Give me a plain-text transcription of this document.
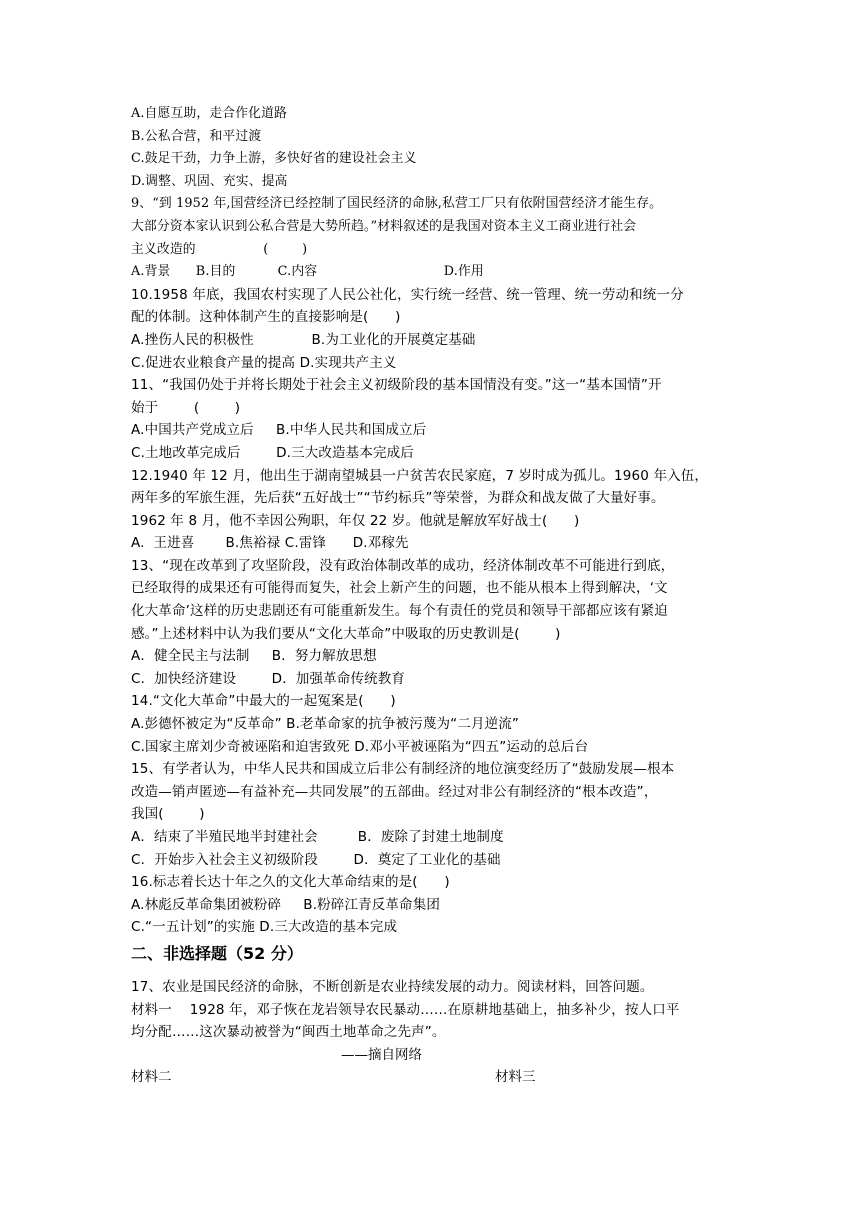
A.自愿互助，走合作化道路
B.公私合营，和平过渡
C.鼓足干劲，力争上游，多快好省的建设社会主义
D.调整、巩固、充实、提高
9、“到 1952 年,国营经济已经控制了国民经济的命脉,私营工厂只有依附国营经济才能生存。
大部分资本家认识到公私合营是大势所趋。”材料叙述的是我国对资本主义工商业进行社会
主义改造的                (        )
A.背景      B.目的          C.内容                              D.作用
10.1958 年底，我国农村实现了人民公社化，实行统一经营、统一管理、统一劳动和统一分
配的体制。这种体制产生的直接影响是(      )
A.挫伤人民的积极性             B.为工业化的开展奠定基础
C.促进农业粮食产量的提高 D.实现共产主义
11、“我国仍处于并将长期处于社会主义初级阶段的基本国情没有变。”这一“基本国情”开
始于        (        )
A.中国共产党成立后     B.中华人民共和国成立后
C.土地改革完成后        D.三大改造基本完成后
12.1940 年 12 月，他出生于湖南望城县一户贫苦农民家庭，7 岁时成为孤儿。1960 年入伍，
两年多的军旅生涯，先后获“五好战士”“节约标兵”等荣誉，为群众和战友做了大量好事。
1962 年 8 月，他不幸因公殉职，年仅 22 岁。他就是解放军好战士(      )
A.  王进喜       B.焦裕禄 C.雷锋      D.邓稼先
13、“现在改革到了攻坚阶段，没有政治体制改革的成功，经济体制改革不可能进行到底，
已经取得的成果还有可能得而复失，社会上新产生的问题，也不能从根本上得到解决，‘文
化大革命’这样的历史悲剧还有可能重新发生。每个有责任的党员和领导干部都应该有紧迫
感。”上述材料中认为我们要从“文化大革命”中吸取的历史教训是(        )
A．健全民主与法制     B．努力解放思想
C．加快经济建设        D．加强革命传统教育
14.“文化大革命”中最大的一起冤案是(      )
A.彭德怀被定为“反革命” B.老革命家的抗争被污蔑为“二月逆流”
C.国家主席刘少奇被诬陷和迫害致死 D.邓小平被诬陷为“四五”运动的总后台
15、有学者认为，中华人民共和国成立后非公有制经济的地位演变经历了“鼓励发展—根本
改造—销声匿迹—有益补充—共同发展”的五部曲。经过对非公有制经济的“根本改造”，
我国(        )
A．结束了半殖民地半封建社会         B．废除了封建土地制度
C．开始步入社会主义初级阶段        D．奠定了工业化的基础
16.标志着长达十年之久的文化大革命结束的是(      )
A.林彪反革命集团被粉碎     B.粉碎江青反革命集团
C.“一五计划”的实施 D.三大改造的基本完成
二、非选择题（52 分）
17、农业是国民经济的命脉，不断创新是农业持续发展的动力。阅读材料，回答问题。
材料一    1928 年，邓子恢在龙岩领导农民暴动……在原耕地基础上，抽多补少，按人口平
均分配……这次暴动被誉为“闽西土地革命之先声”。
——摘自网络
材料二	材料三
